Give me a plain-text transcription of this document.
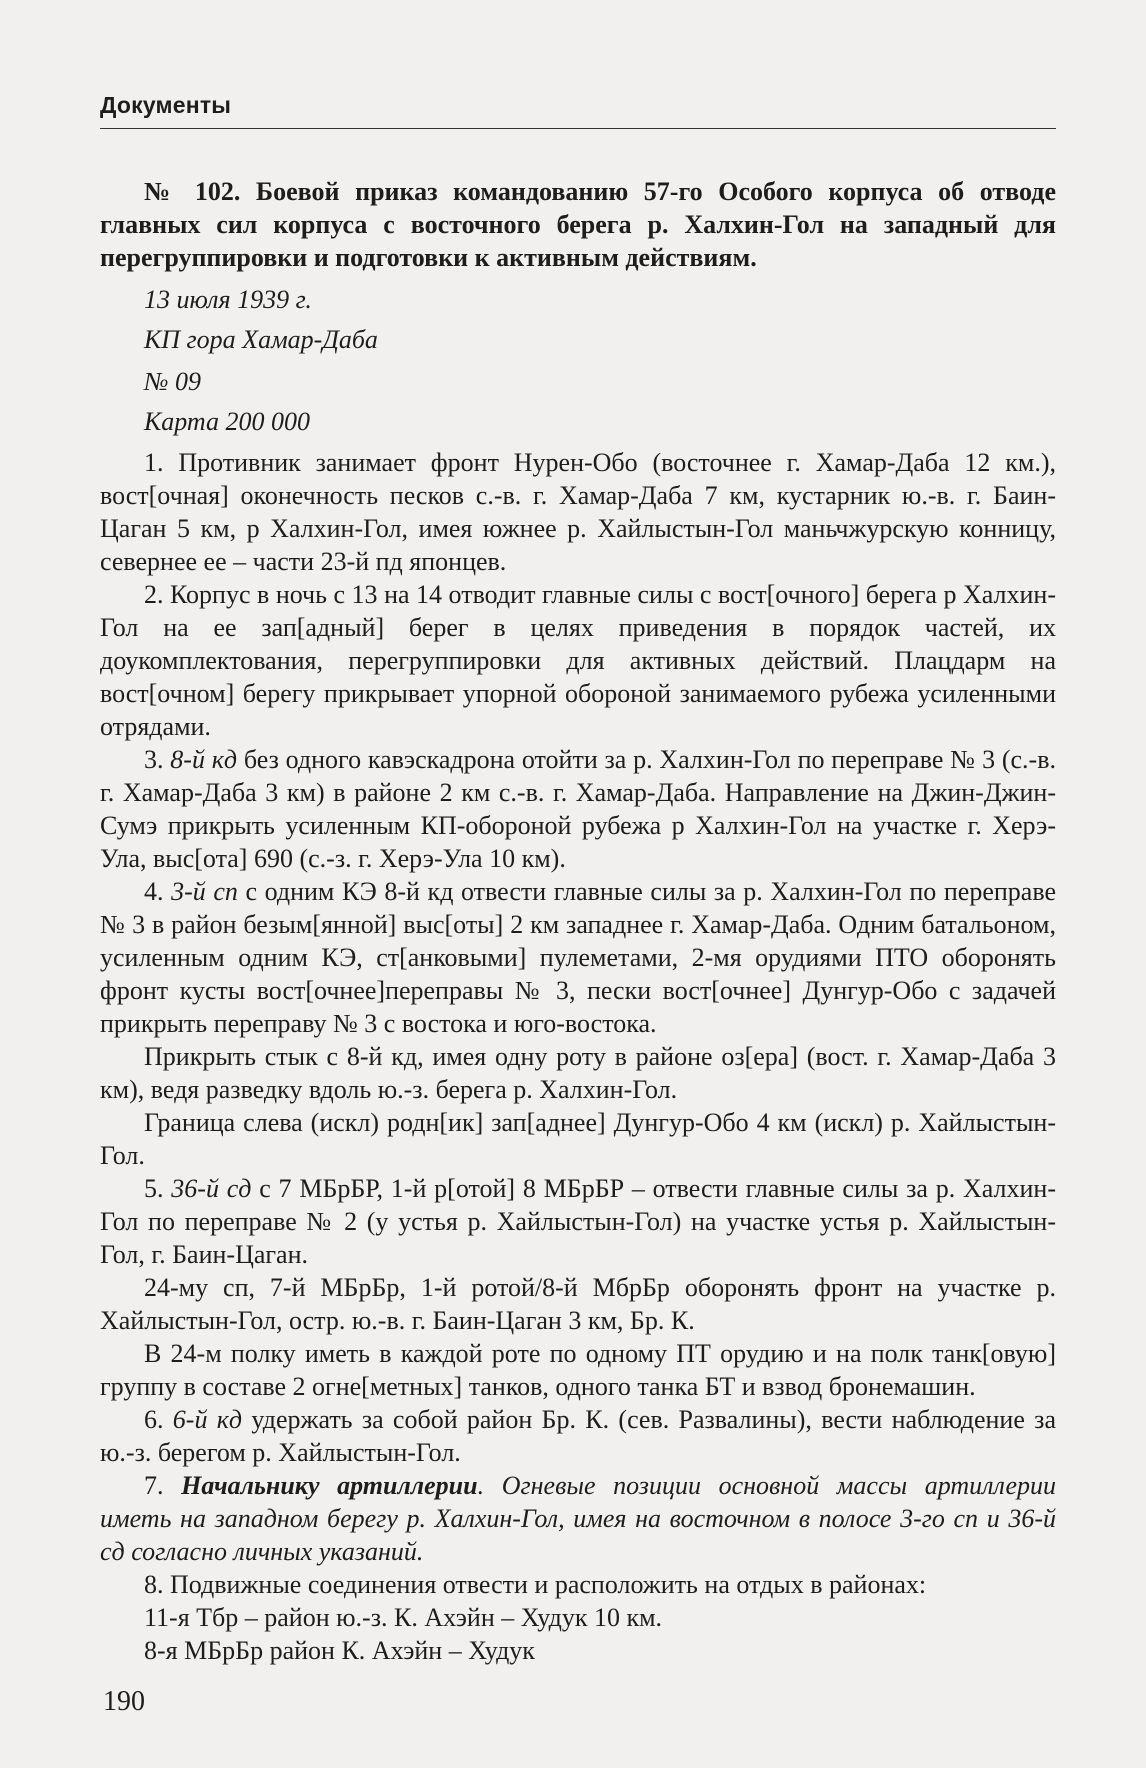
Документы
№ 102. Боевой приказ командованию 57-го Особого корпуса об отводе главных сил корпуса с восточного берега р. Халхин-Гол на западный для перегруппировки и подготовки к активным действиям.
13 июля 1939 г.
КП гора Хамар-Даба
№ 09
Карта 200 000

1. Противник занимает фронт Нурен-Обо (восточнее г. Хамар-Даба 12 км.), вост[очная] оконечность песков с.-в. г. Хамар-Даба 7 км, кустарник ю.-в. г. Баин-Цаган 5 км, р Халхин-Гол, имея южнее р. Хайлыстын-Гол маньчжурскую конницу, севернее ее – части 23-й пд японцев.

2. Корпус в ночь с 13 на 14 отводит главные силы с вост[очного] берега р Халхин-Гол на ее зап[адный] берег в целях приведения в порядок частей, их доукомплектования, перегруппировки для активных действий. Плацдарм на вост[очном] берегу прикрывает упорной обороной занимаемого рубежа усиленными отрядами.

3. 8-й кд без одного кавэскадрона отойти за р. Халхин-Гол по переправе № 3 (с.-в. г. Хамар-Даба 3 км) в районе 2 км с.-в. г. Хамар-Даба. Направление на Джин-Джин-Сумэ прикрыть усиленным КП-обороной рубежа р Халхин-Гол на участке г. Херэ-Ула, выс[ота] 690 (с.-з. г. Херэ-Ула 10 км).

4. 3-й сп с одним КЭ 8-й кд отвести главные силы за р. Халхин-Гол по переправе № 3 в район безым[янной] выс[оты] 2 км западнее г. Хамар-Даба. Одним батальоном, усиленным одним КЭ, ст[анковыми] пулеметами, 2-мя орудиями ПТО оборонять фронт кусты вост[очнее]переправы № 3, пески вост[очнее] Дунгур-Обо с задачей прикрыть переправу № 3 с востока и юго-востока.

Прикрыть стык с 8-й кд, имея одну роту в районе оз[ера] (вост. г. Хамар-Даба 3 км), ведя разведку вдоль ю.-з. берега р. Халхин-Гол.

Граница слева (искл) родн[ик] зап[аднее] Дунгур-Обо 4 км (искл) р. Хайлыстын-Гол.

5. 36-й сд с 7 МБрБР, 1-й р[отой] 8 МБрБР – отвести главные силы за р. Халхин-Гол по переправе № 2 (у устья р. Хайлыстын-Гол) на участке устья р. Хайлыстын-Гол, г. Баин-Цаган.

24-му сп, 7-й МБрБр, 1-й ротой/8-й МбрБр оборонять фронт на участке р. Хайлыстын-Гол, остр. ю.-в. г. Баин-Цаган 3 км, Бр. К.

В 24-м полку иметь в каждой роте по одному ПТ орудию и на полк танк[овую] группу в составе 2 огне[метных] танков, одного танка БТ и взвод бронемашин.

6. 6-й кд удержать за собой район Бр. К. (сев. Развалины), вести наблюдение за ю.-з. берегом р. Хайлыстын-Гол.

7. Начальнику артиллерии. Огневые позиции основной массы артиллерии иметь на западном берегу р. Халхин-Гол, имея на восточном в полосе 3-го сп и 36-й сд согласно личных указаний.

8. Подвижные соединения отвести и расположить на отдых в районах:

11-я Тбр – район ю.-з. К. Ахэйн – Худук 10 км.

8-я МБрБр район К. Ахэйн – Худук

190
